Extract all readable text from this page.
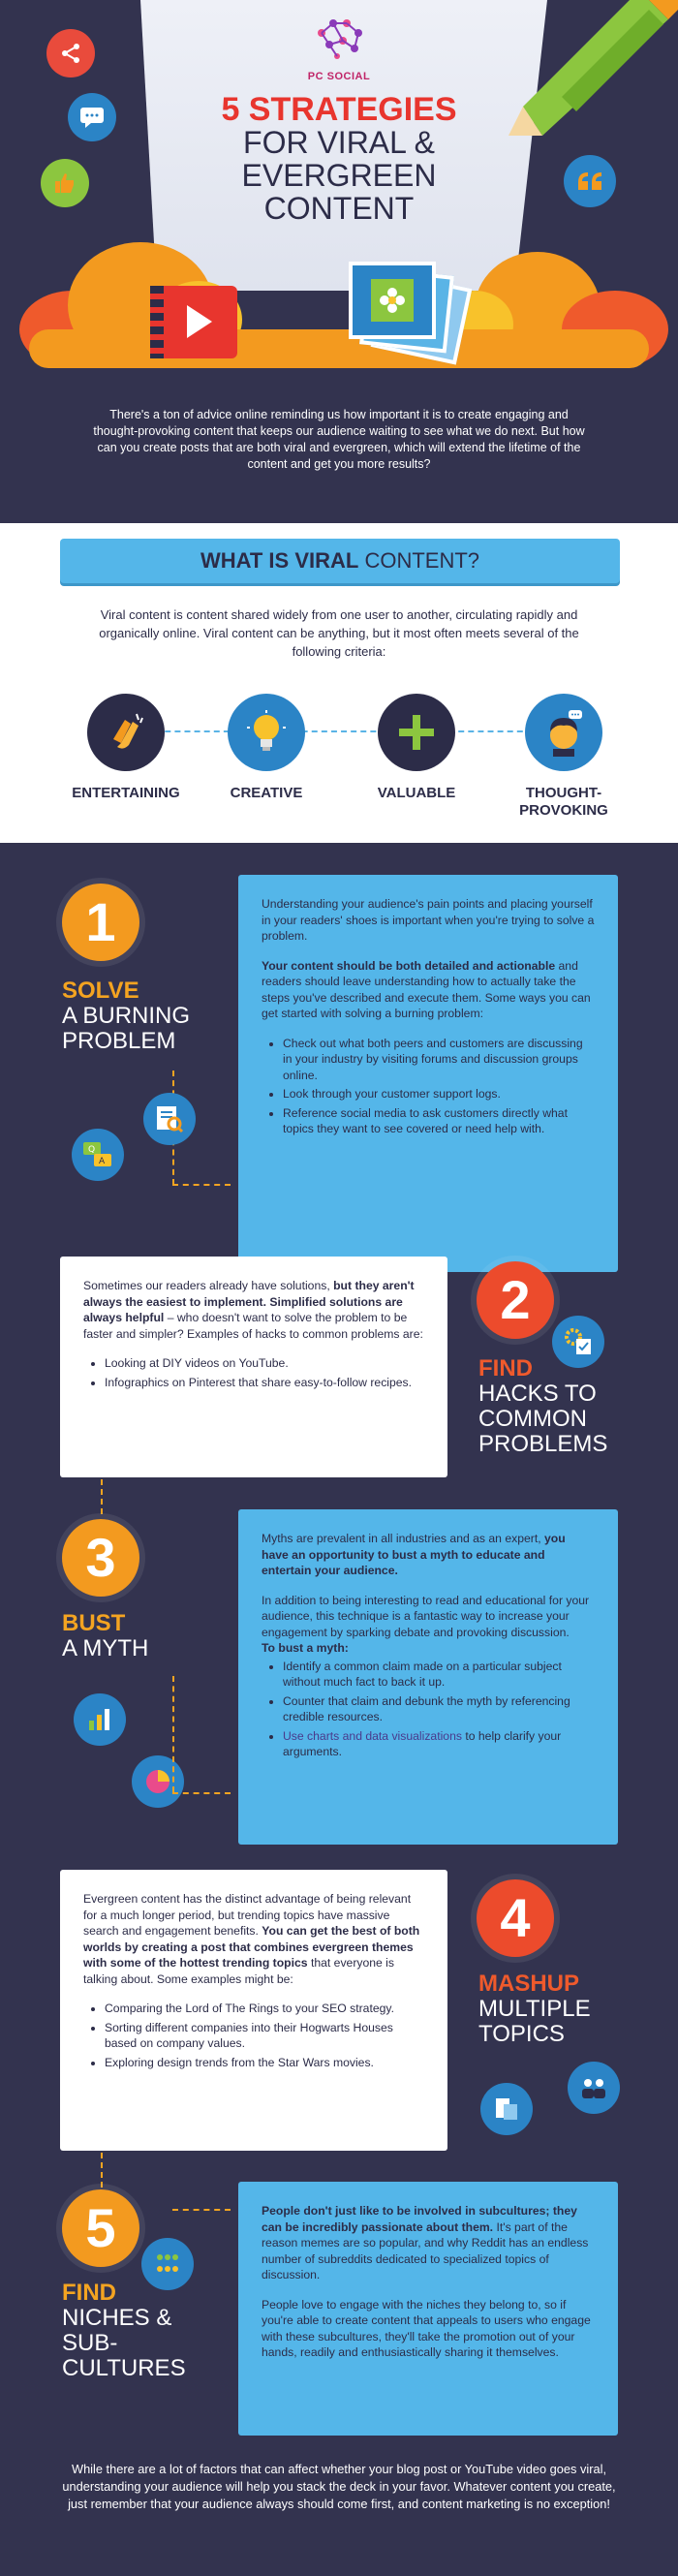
PC SOCIAL
5 STRATEGIES
FOR VIRAL &
EVERGREEN
CONTENT
There's a ton of advice online reminding us how important it is to create engaging and thought-provoking content that keeps our audience waiting to see what we do next. But how can you create posts that are both viral and evergreen, which will extend the lifetime of the content and get you more results?
WHAT IS VIRAL CONTENT?
Viral content is content shared widely from one user to another, circulating rapidly and organically online. Viral content can be anything, but it most often meets several of the following criteria:
ENTERTAINING	CREATIVE	VALUABLE	THOUGHT-
PROVOKING
1
SOLVE
A BURNING PROBLEM
Q
A

Understanding your audience's pain points and placing yourself in your readers' shoes is important when you're trying to solve a problem.

Your content should be both detailed and actionable and readers should leave understanding how to actually take the steps you've described and execute them. Some ways you can get started with solving a burning problem:

• Check out what both peers and customers are discussing in your industry by visiting forums and discussion groups online.
• Look through your customer support logs.
• Reference social media to ask customers directly what topics they want to see covered or need help with.

Sometimes our readers already have solutions, but they aren't always the easiest to implement. Simplified solutions are always helpful – who doesn't want to solve the problem to be faster and simpler? Examples of hacks to common problems are:

• Looking at DIY videos on YouTube.
• Infographics on Pinterest that share easy-to-follow recipes.
2
FIND
HACKS TO COMMON PROBLEMS
3
BUST
A MYTH

Myths are prevalent in all industries and as an expert, you have an opportunity to bust a myth to educate and entertain your audience.

In addition to being interesting to read and educational for your audience, this technique is a fantastic way to increase your engagement by sparking debate and provoking discussion.
To bust a myth:

• Identify a common claim made on a particular subject without much fact to back it up.
• Counter that claim and debunk the myth by referencing credible resources.
• Use charts and data visualizations to help clarify your arguments.

Evergreen content has the distinct advantage of being relevant for a much longer period, but trending topics have massive search and engagement benefits. You can get the best of both worlds by creating a post that combines evergreen themes with some of the hottest trending topics that everyone is talking about. Some examples might be:

• Comparing the Lord of The Rings to your SEO strategy.
• Sorting different companies into their Hogwarts Houses based on company values.
• Exploring design trends from the Star Wars movies.
4
MASHUP
MULTIPLE TOPICS
5
FIND
NICHES & SUB-CULTURES

People don't just like to be involved in subcultures; they can be incredibly passionate about them. It's part of the reason memes are so popular, and why Reddit has an endless number of subreddits dedicated to specialized topics of discussion.

People love to engage with the niches they belong to, so if you're able to create content that appeals to users who engage with these subcultures, they'll take the promotion out of your hands, readily and enthusiastically sharing it themselves.

While there are a lot of factors that can affect whether your blog post or YouTube video goes viral, understanding your audience will help you stack the deck in your favor. Whatever content you create, just remember that your audience always should come first, and content marketing is no exception!
